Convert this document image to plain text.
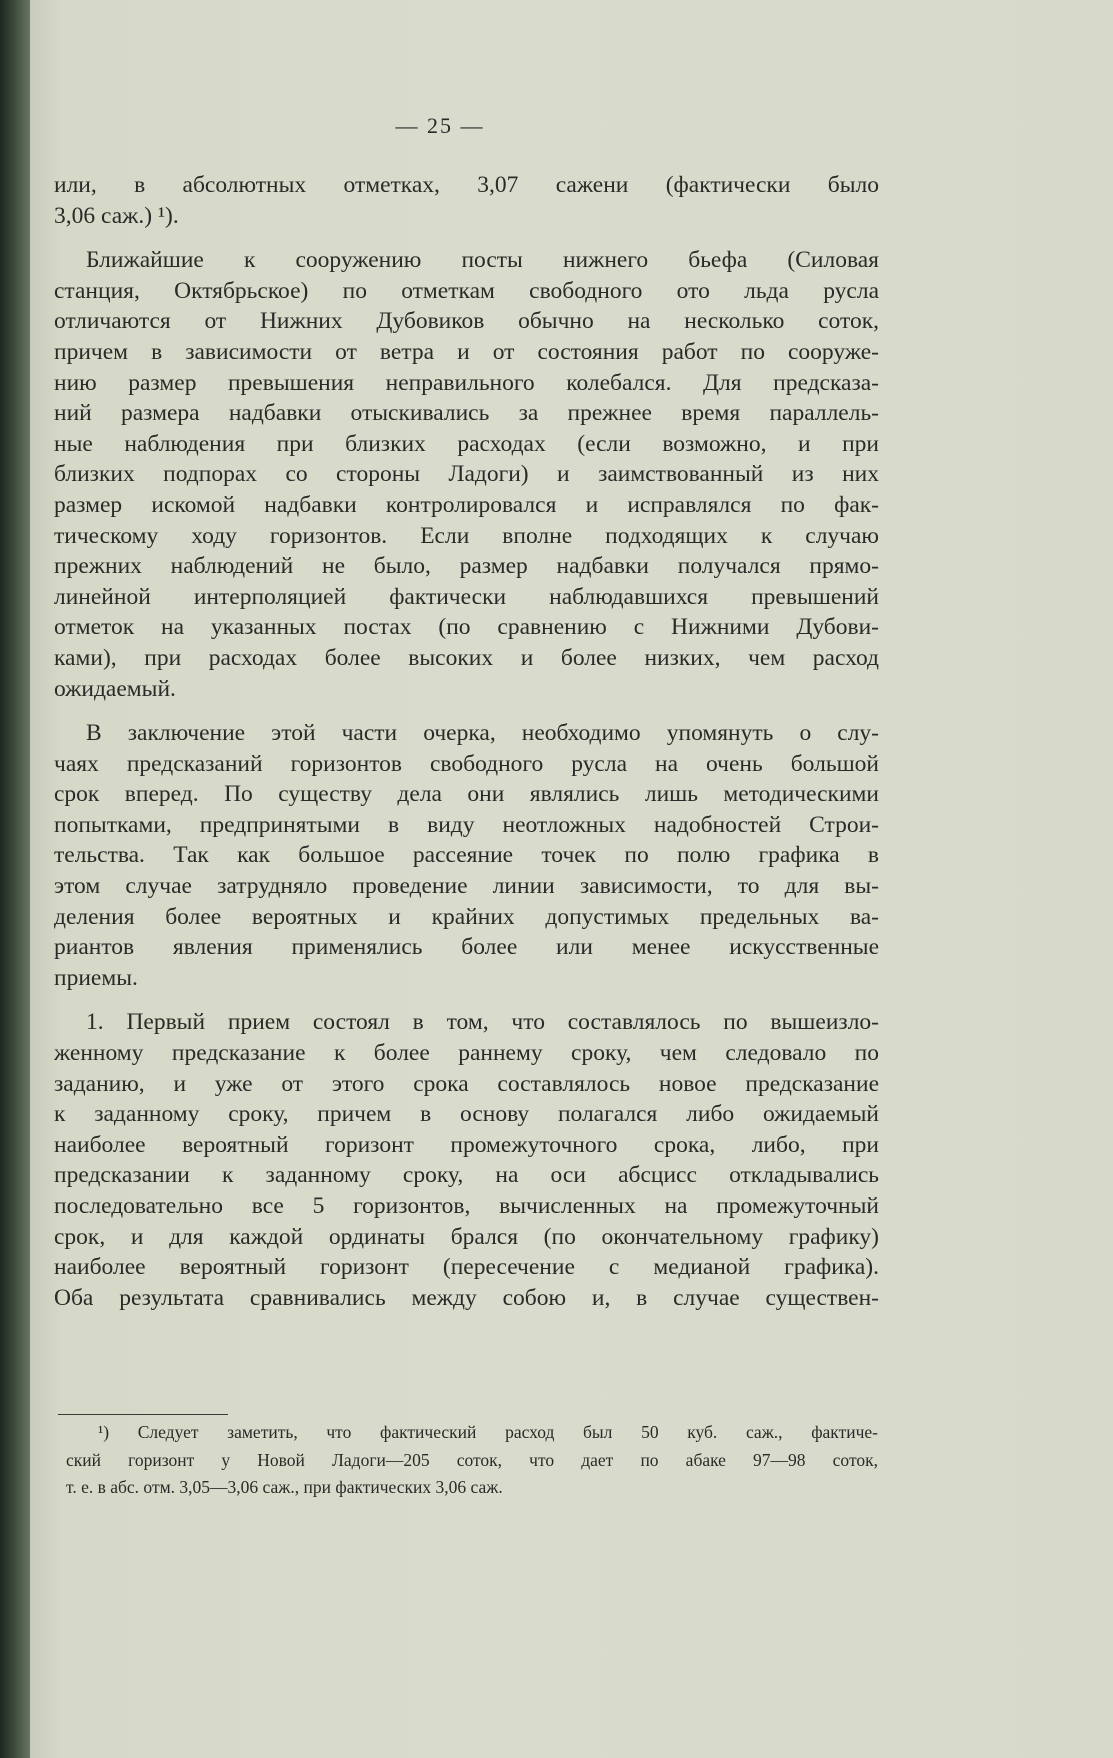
— 25 —
или, в абсолютных отметках, 3,07 сажени (фактически было
3,06 саж.) ¹).
Ближайшие к сооружению посты нижнего бьефа (Силовая
станция, Октябрьское) по отметкам свободного ото льда русла
отличаются от Нижних Дубовиков обычно на несколько соток,
причем в зависимости от ветра и от состояния работ по сооруже-
нию размер превышения неправильного колебался. Для предсказа-
ний размера надбавки отыскивались за прежнее время параллель-
ные наблюдения при близких расходах (если возможно, и при
близких подпорах со стороны Ладоги) и заимствованный из них
размер искомой надбавки контролировался и исправлялся по фак-
тическому ходу горизонтов. Если вполне подходящих к случаю
прежних наблюдений не было, размер надбавки получался прямо-
линейной интерполяцией фактически наблюдавшихся превышений
отметок на указанных постах (по сравнению с Нижними Дубови-
ками), при расходах более высоких и более низких, чем расход
ожидаемый.
В заключение этой части очерка, необходимо упомянуть о слу-
чаях предсказаний горизонтов свободного русла на очень большой
срок вперед. По существу дела они являлись лишь методическими
попытками, предпринятыми в виду неотложных надобностей Строи-
тельства. Так как большое рассеяние точек по полю графика в
этом случае затрудняло проведение линии зависимости, то для вы-
деления более вероятных и крайних допустимых предельных ва-
риантов явления применялись более или менее искусственные
приемы.
1. Первый прием состоял в том, что составлялось по вышеизло-
женному предсказание к более раннему сроку, чем следовало по
заданию, и уже от этого срока составлялось новое предсказание
к заданному сроку, причем в основу полагался либо ожидаемый
наиболее вероятный горизонт промежуточного срока, либо, при
предсказании к заданному сроку, на оси абсцисс откладывались
последовательно все 5 горизонтов, вычисленных на промежуточный
срок, и для каждой ординаты брался (по окончательному графику)
наиболее вероятный горизонт (пересечение с медианой графика).
Оба результата сравнивались между собою и, в случае существен-
¹) Следует заметить, что фактический расход был 50 куб. саж., фактиче-
ский горизонт у Новой Ладоги—205 соток, что дает по абаке 97—98 соток,
т. е. в абс. отм. 3,05—3,06 саж., при фактических 3,06 саж.
